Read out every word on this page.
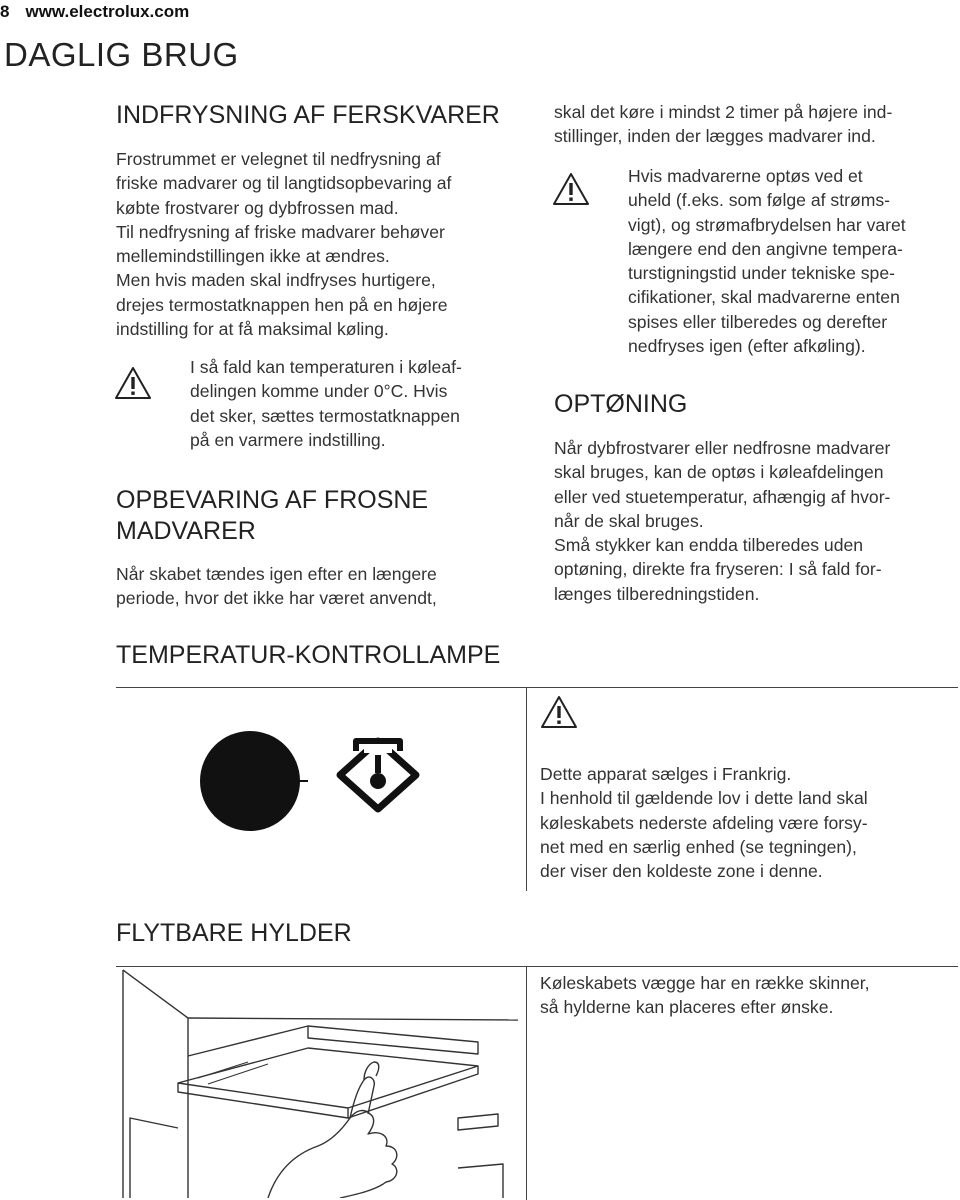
8 www.electrolux.com
DAGLIG BRUG
INDFRYSNING AF FERSKVARER
Frostrummet er velegnet til nedfrysning af
friske madvarer og til langtidsopbevaring af
købte frostvarer og dybfrossen mad.
Til nedfrysning af friske madvarer behøver
mellemindstillingen ikke at ændres.
Men hvis maden skal indfryses hurtigere,
drejes termostatknappen hen på en højere
indstilling for at få maksimal køling.
I så fald kan temperaturen i køleaf-
delingen komme under 0°C. Hvis
det sker, sættes termostatknappen
på en varmere indstilling.
OPBEVARING AF FROSNE
MADVARER
Når skabet tændes igen efter en længere
periode, hvor det ikke har været anvendt,
skal det køre i mindst 2 timer på højere ind-
stillinger, inden der lægges madvarer ind.
Hvis madvarerne optøs ved et
uheld (f.eks. som følge af strøms-
vigt), og strømafbrydelsen har varet
længere end den angivne tempera-
turstigningstid under tekniske spe-
cifikationer, skal madvarerne enten
spises eller tilberedes og derefter
nedfryses igen (efter afkøling).
OPTØNING
Når dybfrostvarer eller nedfrosne madvarer
skal bruges, kan de optøs i køleafdelingen
eller ved stuetemperatur, afhængig af hvor-
når de skal bruges.
Små stykker kan endda tilberedes uden
optøning, direkte fra fryseren: I så fald for-
længes tilberedningstiden.
TEMPERATUR-KONTROLLAMPE
Dette apparat sælges i Frankrig.
I henhold til gældende lov i dette land skal
køleskabets nederste afdeling være forsy-
net med en særlig enhed (se tegningen),
der viser den koldeste zone i denne.
FLYTBARE HYLDER
Køleskabets vægge har en række skinner,
så hylderne kan placeres efter ønske.
